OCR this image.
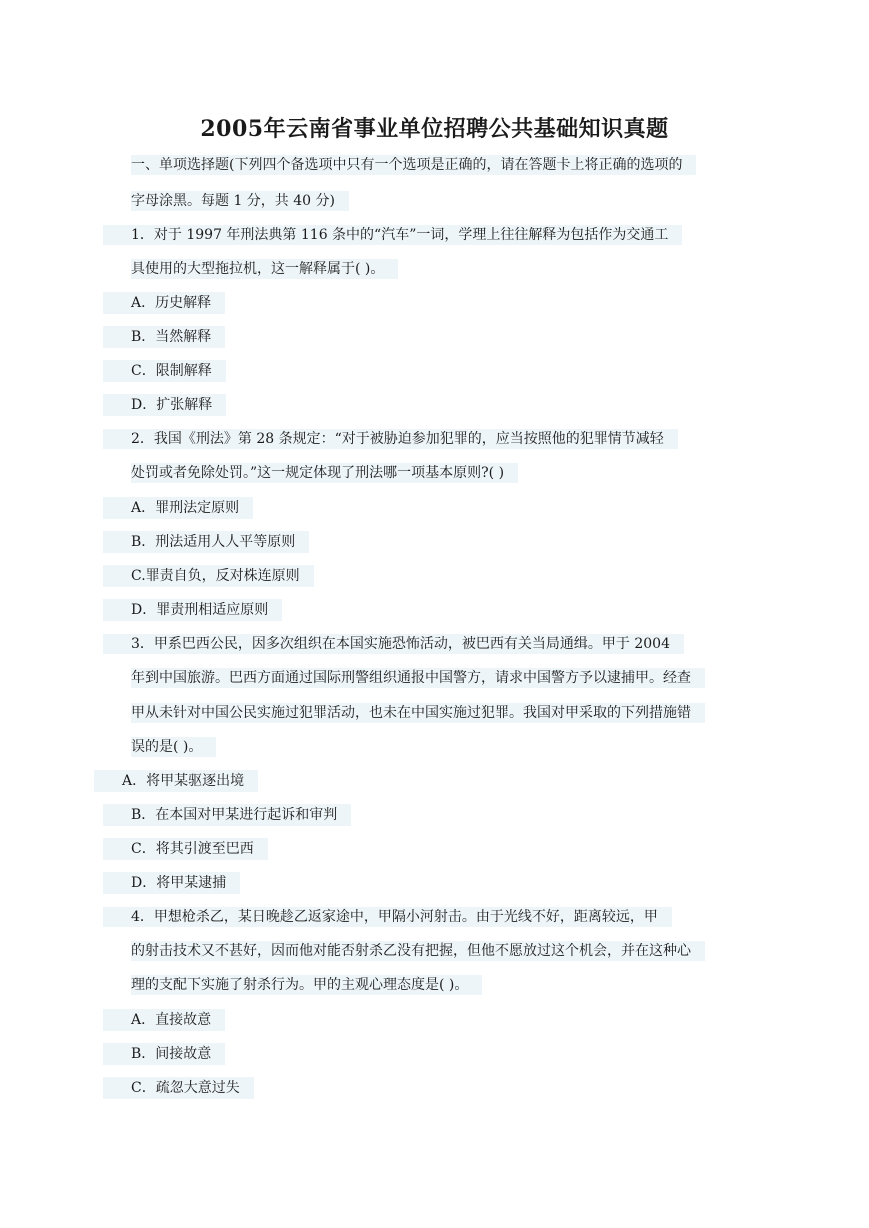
2005年云南省事业单位招聘公共基础知识真题
一、单项选择题(下列四个备选项中只有一个选项是正确的，请在答题卡上将正确的选项的
字母涂黑。每题 1 分，共 40 分)
　　1．对于 1997 年刑法典第 116 条中的“汽车”一词，学理上往往解释为包括作为交通工
具使用的大型拖拉机，这一解释属于( )。
　　A．历史解释
　　B．当然解释
　　C．限制解释
　　D．扩张解释
　　2．我国《刑法》第 28 条规定：“对于被胁迫参加犯罪的，应当按照他的犯罪情节减轻
处罚或者免除处罚。”这一规定体现了刑法哪一项基本原则?( )
　　A．罪刑法定原则
　　B．刑法适用人人平等原则
　　C.罪责自负，反对株连原则
　　D．罪责刑相适应原则
　　3．甲系巴西公民，因多次组织在本国实施恐怖活动，被巴西有关当局通缉。甲于 2004
年到中国旅游。巴西方面通过国际刑警组织通报中国警方，请求中国警方予以逮捕甲。经查
甲从未针对中国公民实施过犯罪活动，也未在中国实施过犯罪。我国对甲采取的下列措施错
误的是( )。
　　A．将甲某驱逐出境
　　B．在本国对甲某进行起诉和审判
　　C．将其引渡至巴西
　　D．将甲某逮捕
　　4．甲想枪杀乙，某日晚趁乙返家途中，甲隔小河射击。由于光线不好，距离较远，甲
的射击技术又不甚好，因而他对能否射杀乙没有把握，但他不愿放过这个机会，并在这种心
理的支配下实施了射杀行为。甲的主观心理态度是( )。
　　A．直接故意
　　B．间接故意
　　C．疏忽大意过失
